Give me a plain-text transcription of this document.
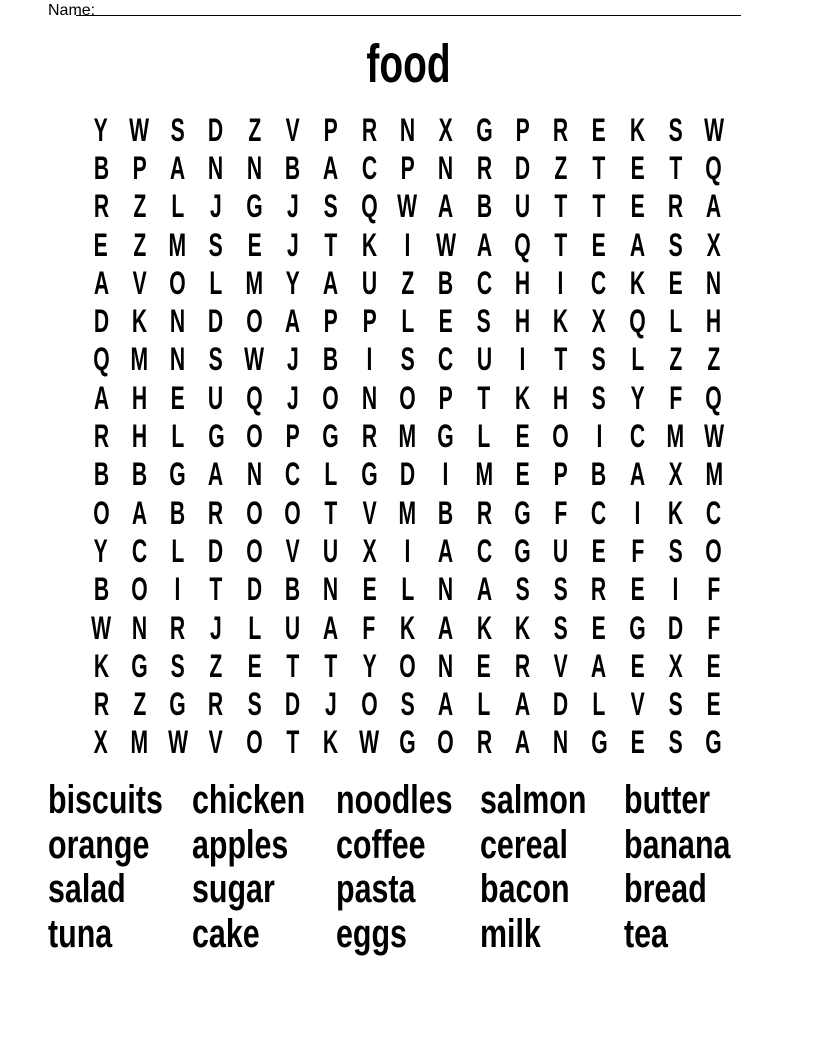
Name:
food
Y W S D Z V P R N X G P R E K S W
B P A N N B A C P N R D Z T E T Q
R Z L J G J S Q W A B U T T E R A
E Z M S E J T K I W A Q T E A S X
A V O L M Y A U Z B C H I C K E N
D K N D O A P P L E S H K X Q L H
Q M N S W J B I S C U I T S L Z Z
A H E U Q J O N O P T K H S Y F Q
R H L G O P G R M G L E O I C M W
B B G A N C L G D I M E P B A X M
O A B R O O T V M B R G F C I K C
Y C L D O V U X I A C G U E F S O
B O I T D B N E L N A S S R E I F
W N R J L U A F K A K K S E G D F
K G S Z E T T Y O N E R V A E X E
R Z G R S D J O S A L A D L V S E
X M W V O T K W G O R A N G E S G
biscuits chicken noodles salmon butter
orange	apples	coffee	cereal	banana
salad	sugar	pasta	bacon	bread
tuna	cake	eggs	milk	tea
